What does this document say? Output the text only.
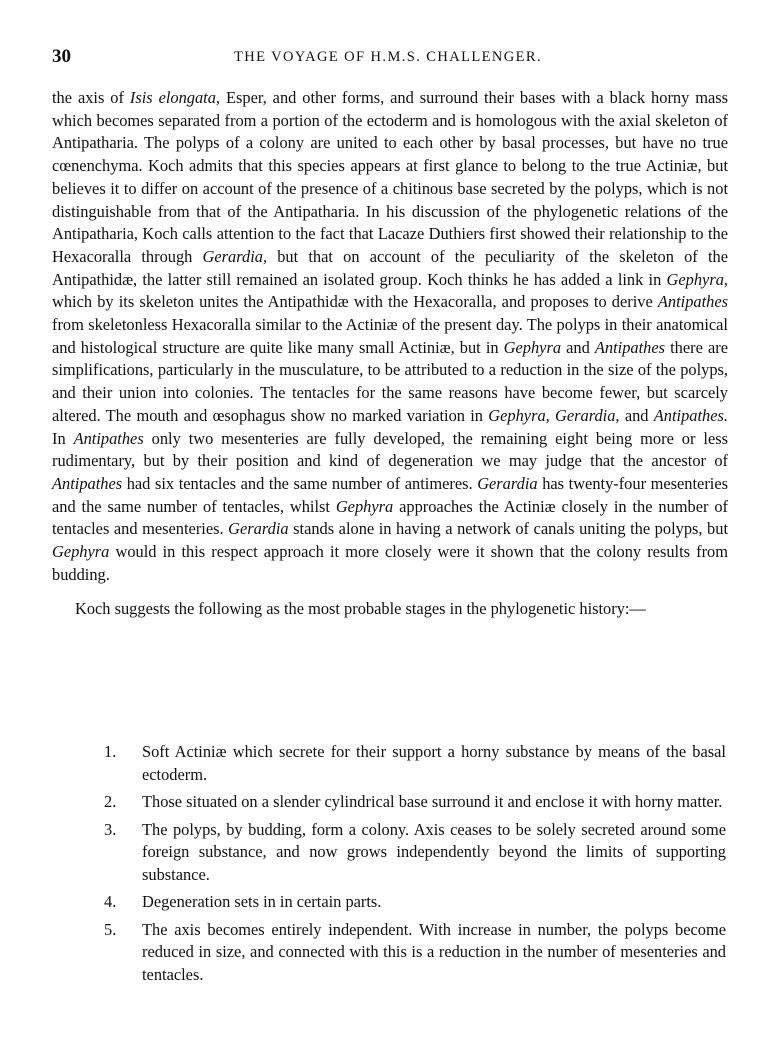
30	THE VOYAGE OF H.M.S. CHALLENGER.

the axis of Isis elongata, Esper, and other forms, and surround their bases with a black horny mass which becomes separated from a portion of the ectoderm and is homologous with the axial skeleton of Antipatharia. The polyps of a colony are united to each other by basal processes, but have no true cœnenchyma. Koch admits that this species appears at first glance to belong to the true Actiniæ, but believes it to differ on account of the presence of a chitinous base secreted by the polyps, which is not distinguishable from that of the Antipatharia. In his discussion of the phylogenetic relations of the Antipatharia, Koch calls attention to the fact that Lacaze Duthiers first showed their relationship to the Hexacoralla through Gerardia, but that on account of the peculiarity of the skeleton of the Antipathidæ, the latter still remained an isolated group. Koch thinks he has added a link in Gephyra, which by its skeleton unites the Antipathidæ with the Hexacoralla, and proposes to derive Antipathes from skeletonless Hexacoralla similar to the Actiniæ of the present day. The polyps in their anatomical and histological structure are quite like many small Actiniæ, but in Gephyra and Antipathes there are simplifications, particularly in the musculature, to be attributed to a reduction in the size of the polyps, and their union into colonies. The tentacles for the same reasons have become fewer, but scarcely altered. The mouth and œsophagus show no marked variation in Gephyra, Gerardia, and Antipathes. In Antipathes only two mesenteries are fully developed, the remaining eight being more or less rudimentary, but by their position and kind of degeneration we may judge that the ancestor of Antipathes had six tentacles and the same number of antimeres. Gerardia has twenty-four mesenteries and the same number of tentacles, whilst Gephyra approaches the Actiniæ closely in the number of tentacles and mesenteries. Gerardia stands alone in having a network of canals uniting the polyps, but Gephyra would in this respect approach it more closely were it shown that the colony results from budding.

Koch suggests the following as the most probable stages in the phylogenetic history:—

1. Soft Actiniæ which secrete for their support a horny substance by means of the basal ectoderm.
2. Those situated on a slender cylindrical base surround it and enclose it with horny matter.
3. The polyps, by budding, form a colony. Axis ceases to be solely secreted around some foreign substance, and now grows independently beyond the limits of supporting substance.
4. Degeneration sets in in certain parts.
5. The axis becomes entirely independent. With increase in number, the polyps become reduced in size, and connected with this is a reduction in the number of mesenteries and tentacles.
